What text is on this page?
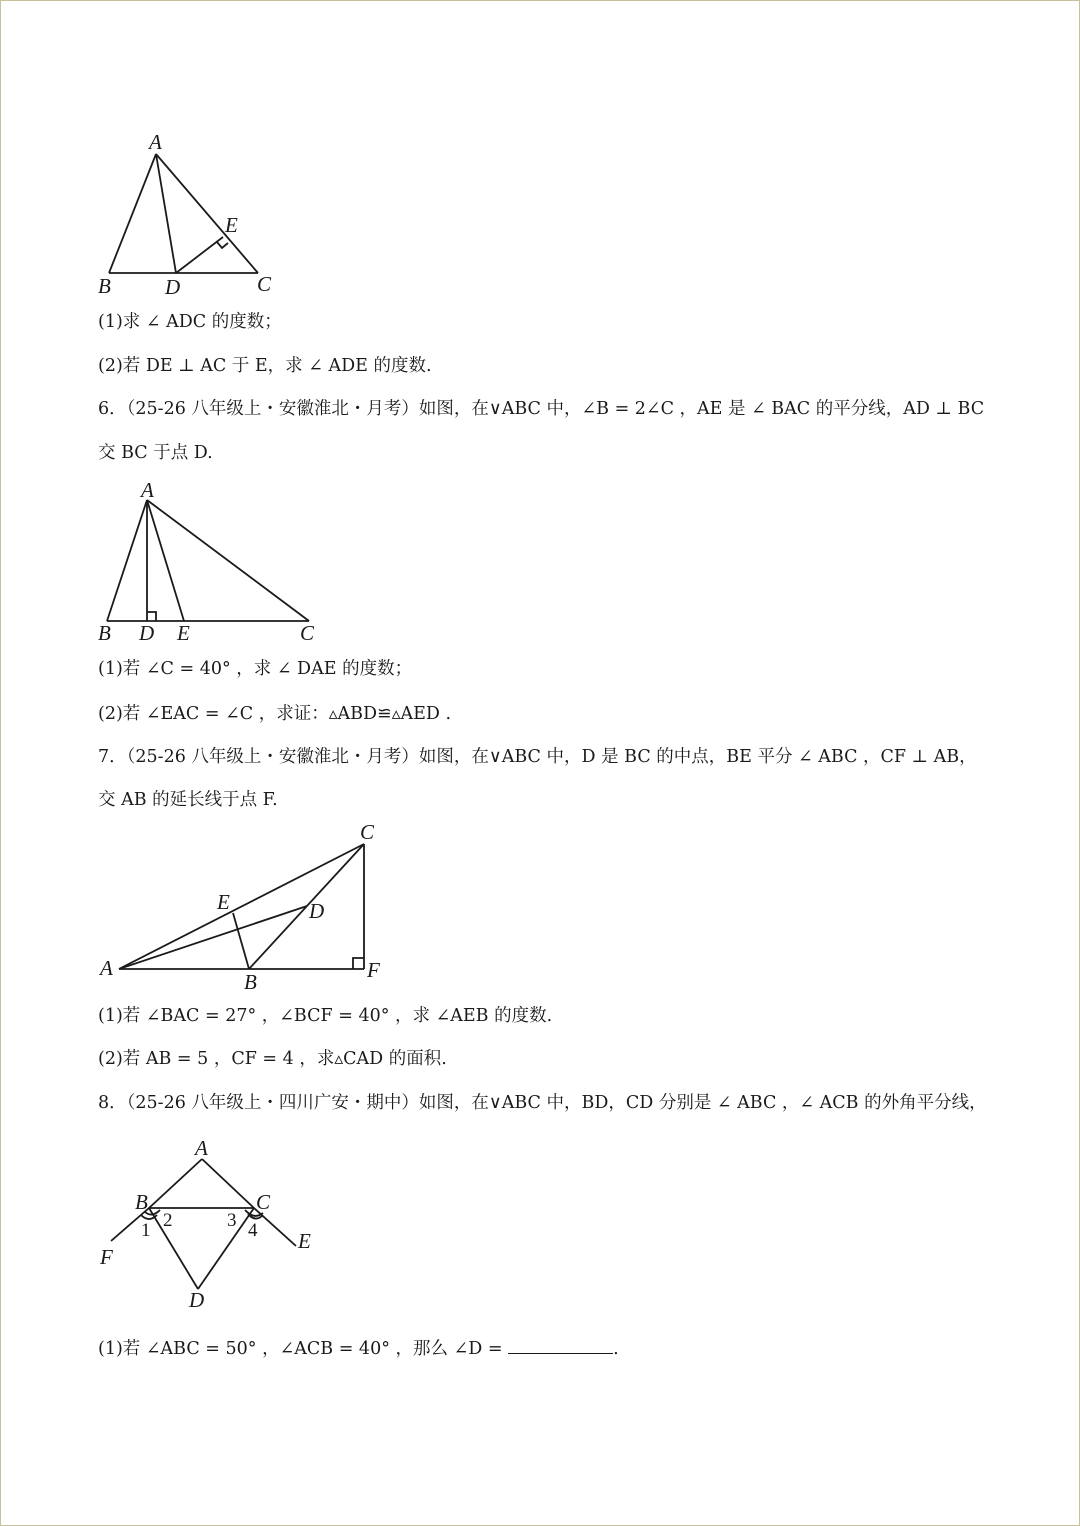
A
B	D	C
E
(1)求 ∠ ADC 的度数；
(2)若 DE ⊥ AC 于 E，求 ∠ ADE 的度数.
6．（25-26 八年级上・安徽淮北・月考）如图，在∨ABC 中，∠B = 2∠C ，AE 是 ∠ BAC 的平分线，AD ⊥ BC
交 BC 于点 D.
A
B D E	C
(1)若 ∠C = 40° ，求 ∠ DAE 的度数；
(2)若 ∠EAC = ∠C ，求证：▵ABD≌▵AED .
7．（25-26 八年级上・安徽淮北・月考）如图，在∨ABC 中，D 是 BC 的中点，BE 平分 ∠ ABC ，CF ⊥ AB，
交 AB 的延长线于点 F.
C
E	D
A
B	F
(1)若 ∠BAC = 27° ，∠BCF = 40° ，求 ∠AEB 的度数.
(2)若 AB = 5 ，CF = 4 ，求▵CAD 的面积.
8．（25-26 八年级上・四川广安・期中）如图，在∨ABC 中，BD，CD 分别是 ∠ ABC ，∠ ACB 的外角平分线，
A
B	C
E
F
D
1 2	3 4
(1)若 ∠ABC = 50° ，∠ACB = 40° ，那么 ∠D =	.
